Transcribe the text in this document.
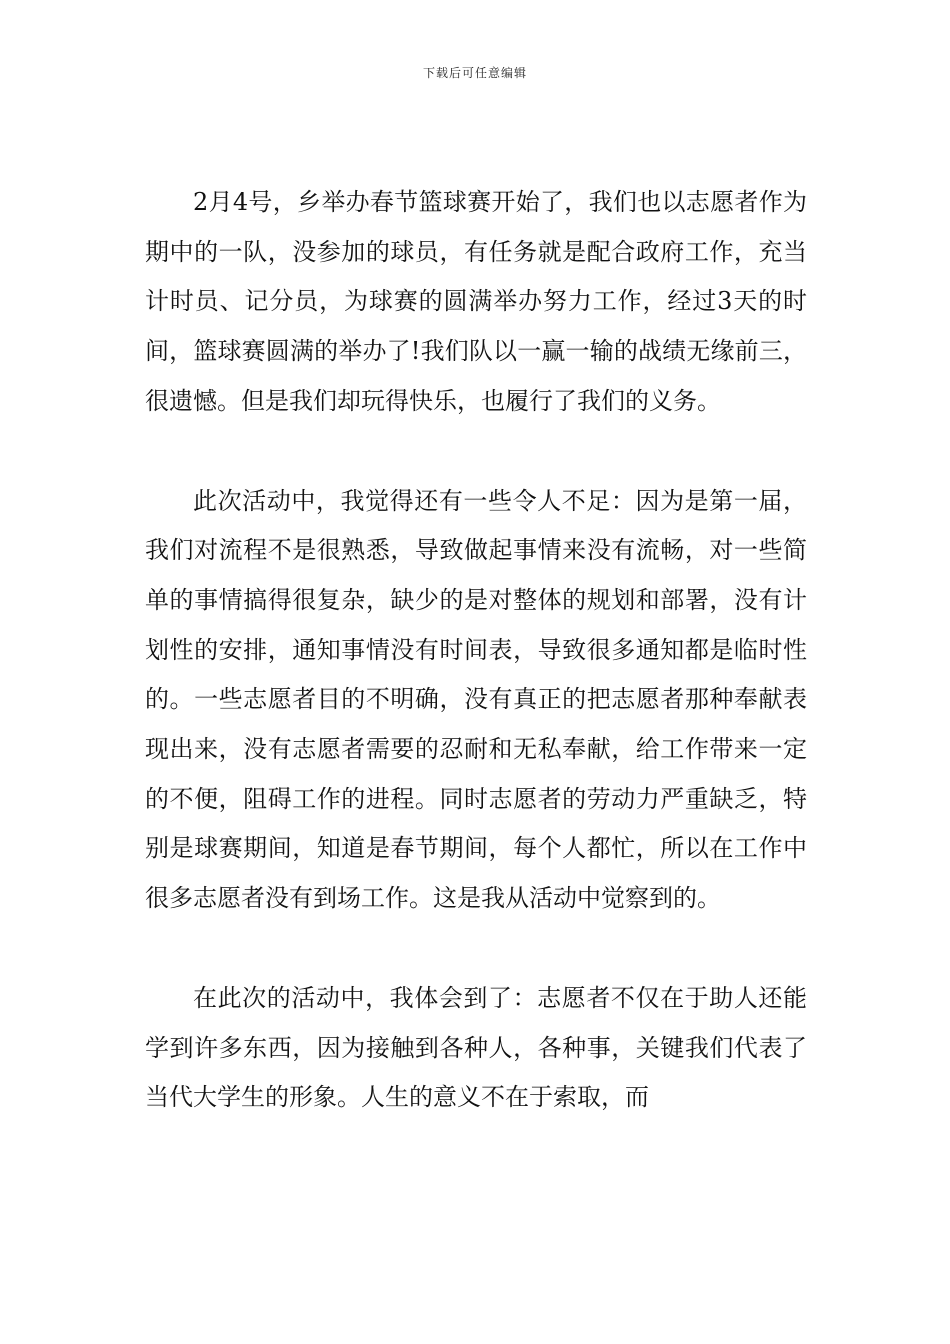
下载后可任意编辑

2月4号，乡举办春节篮球赛开始了，我们也以志愿者作为期中的一队，没参加的球员，有任务就是配合政府工作，充当计时员、记分员，为球赛的圆满举办努力工作，经过3天的时间，篮球赛圆满的举办了!我们队以一赢一输的战绩无缘前三，很遗憾。但是我们却玩得快乐，也履行了我们的义务。

此次活动中，我觉得还有一些令人不足：因为是第一届，我们对流程不是很熟悉，导致做起事情来没有流畅，对一些简单的事情搞得很复杂，缺少的是对整体的规划和部署，没有计划性的安排，通知事情没有时间表，导致很多通知都是临时性的。一些志愿者目的不明确，没有真正的把志愿者那种奉献表现出来，没有志愿者需要的忍耐和无私奉献，给工作带来一定的不便，阻碍工作的进程。同时志愿者的劳动力严重缺乏，特别是球赛期间，知道是春节期间，每个人都忙，所以在工作中很多志愿者没有到场工作。这是我从活动中觉察到的。

在此次的活动中，我体会到了：志愿者不仅在于助人还能学到许多东西，因为接触到各种人，各种事，关键我们代表了当代大学生的形象。人生的意义不在于索取，而
